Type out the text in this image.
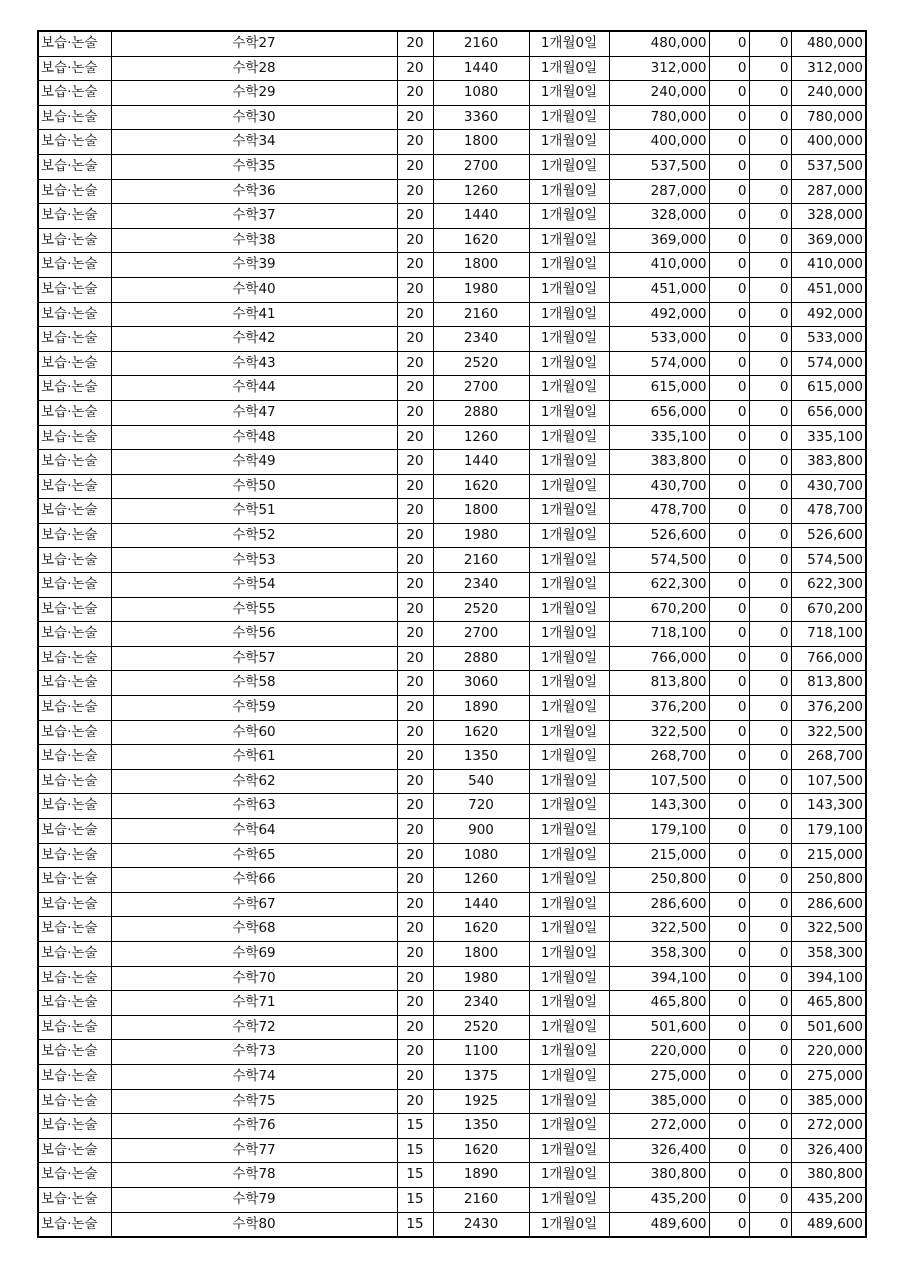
보습·논술	수학27	20	2160	1개월0일	480,000	0	0	480,000
보습·논술	수학28	20	1440	1개월0일	312,000	0	0	312,000
보습·논술	수학29	20	1080	1개월0일	240,000	0	0	240,000
보습·논술	수학30	20	3360	1개월0일	780,000	0	0	780,000
보습·논술	수학34	20	1800	1개월0일	400,000	0	0	400,000
보습·논술	수학35	20	2700	1개월0일	537,500	0	0	537,500
보습·논술	수학36	20	1260	1개월0일	287,000	0	0	287,000
보습·논술	수학37	20	1440	1개월0일	328,000	0	0	328,000
보습·논술	수학38	20	1620	1개월0일	369,000	0	0	369,000
보습·논술	수학39	20	1800	1개월0일	410,000	0	0	410,000
보습·논술	수학40	20	1980	1개월0일	451,000	0	0	451,000
보습·논술	수학41	20	2160	1개월0일	492,000	0	0	492,000
보습·논술	수학42	20	2340	1개월0일	533,000	0	0	533,000
보습·논술	수학43	20	2520	1개월0일	574,000	0	0	574,000
보습·논술	수학44	20	2700	1개월0일	615,000	0	0	615,000
보습·논술	수학47	20	2880	1개월0일	656,000	0	0	656,000
보습·논술	수학48	20	1260	1개월0일	335,100	0	0	335,100
보습·논술	수학49	20	1440	1개월0일	383,800	0	0	383,800
보습·논술	수학50	20	1620	1개월0일	430,700	0	0	430,700
보습·논술	수학51	20	1800	1개월0일	478,700	0	0	478,700
보습·논술	수학52	20	1980	1개월0일	526,600	0	0	526,600
보습·논술	수학53	20	2160	1개월0일	574,500	0	0	574,500
보습·논술	수학54	20	2340	1개월0일	622,300	0	0	622,300
보습·논술	수학55	20	2520	1개월0일	670,200	0	0	670,200
보습·논술	수학56	20	2700	1개월0일	718,100	0	0	718,100
보습·논술	수학57	20	2880	1개월0일	766,000	0	0	766,000
보습·논술	수학58	20	3060	1개월0일	813,800	0	0	813,800
보습·논술	수학59	20	1890	1개월0일	376,200	0	0	376,200
보습·논술	수학60	20	1620	1개월0일	322,500	0	0	322,500
보습·논술	수학61	20	1350	1개월0일	268,700	0	0	268,700
보습·논술	수학62	20	540	1개월0일	107,500	0	0	107,500
보습·논술	수학63	20	720	1개월0일	143,300	0	0	143,300
보습·논술	수학64	20	900	1개월0일	179,100	0	0	179,100
보습·논술	수학65	20	1080	1개월0일	215,000	0	0	215,000
보습·논술	수학66	20	1260	1개월0일	250,800	0	0	250,800
보습·논술	수학67	20	1440	1개월0일	286,600	0	0	286,600
보습·논술	수학68	20	1620	1개월0일	322,500	0	0	322,500
보습·논술	수학69	20	1800	1개월0일	358,300	0	0	358,300
보습·논술	수학70	20	1980	1개월0일	394,100	0	0	394,100
보습·논술	수학71	20	2340	1개월0일	465,800	0	0	465,800
보습·논술	수학72	20	2520	1개월0일	501,600	0	0	501,600
보습·논술	수학73	20	1100	1개월0일	220,000	0	0	220,000
보습·논술	수학74	20	1375	1개월0일	275,000	0	0	275,000
보습·논술	수학75	20	1925	1개월0일	385,000	0	0	385,000
보습·논술	수학76	15	1350	1개월0일	272,000	0	0	272,000
보습·논술	수학77	15	1620	1개월0일	326,400	0	0	326,400
보습·논술	수학78	15	1890	1개월0일	380,800	0	0	380,800
보습·논술	수학79	15	2160	1개월0일	435,200	0	0	435,200
보습·논술	수학80	15	2430	1개월0일	489,600	0	0	489,600
